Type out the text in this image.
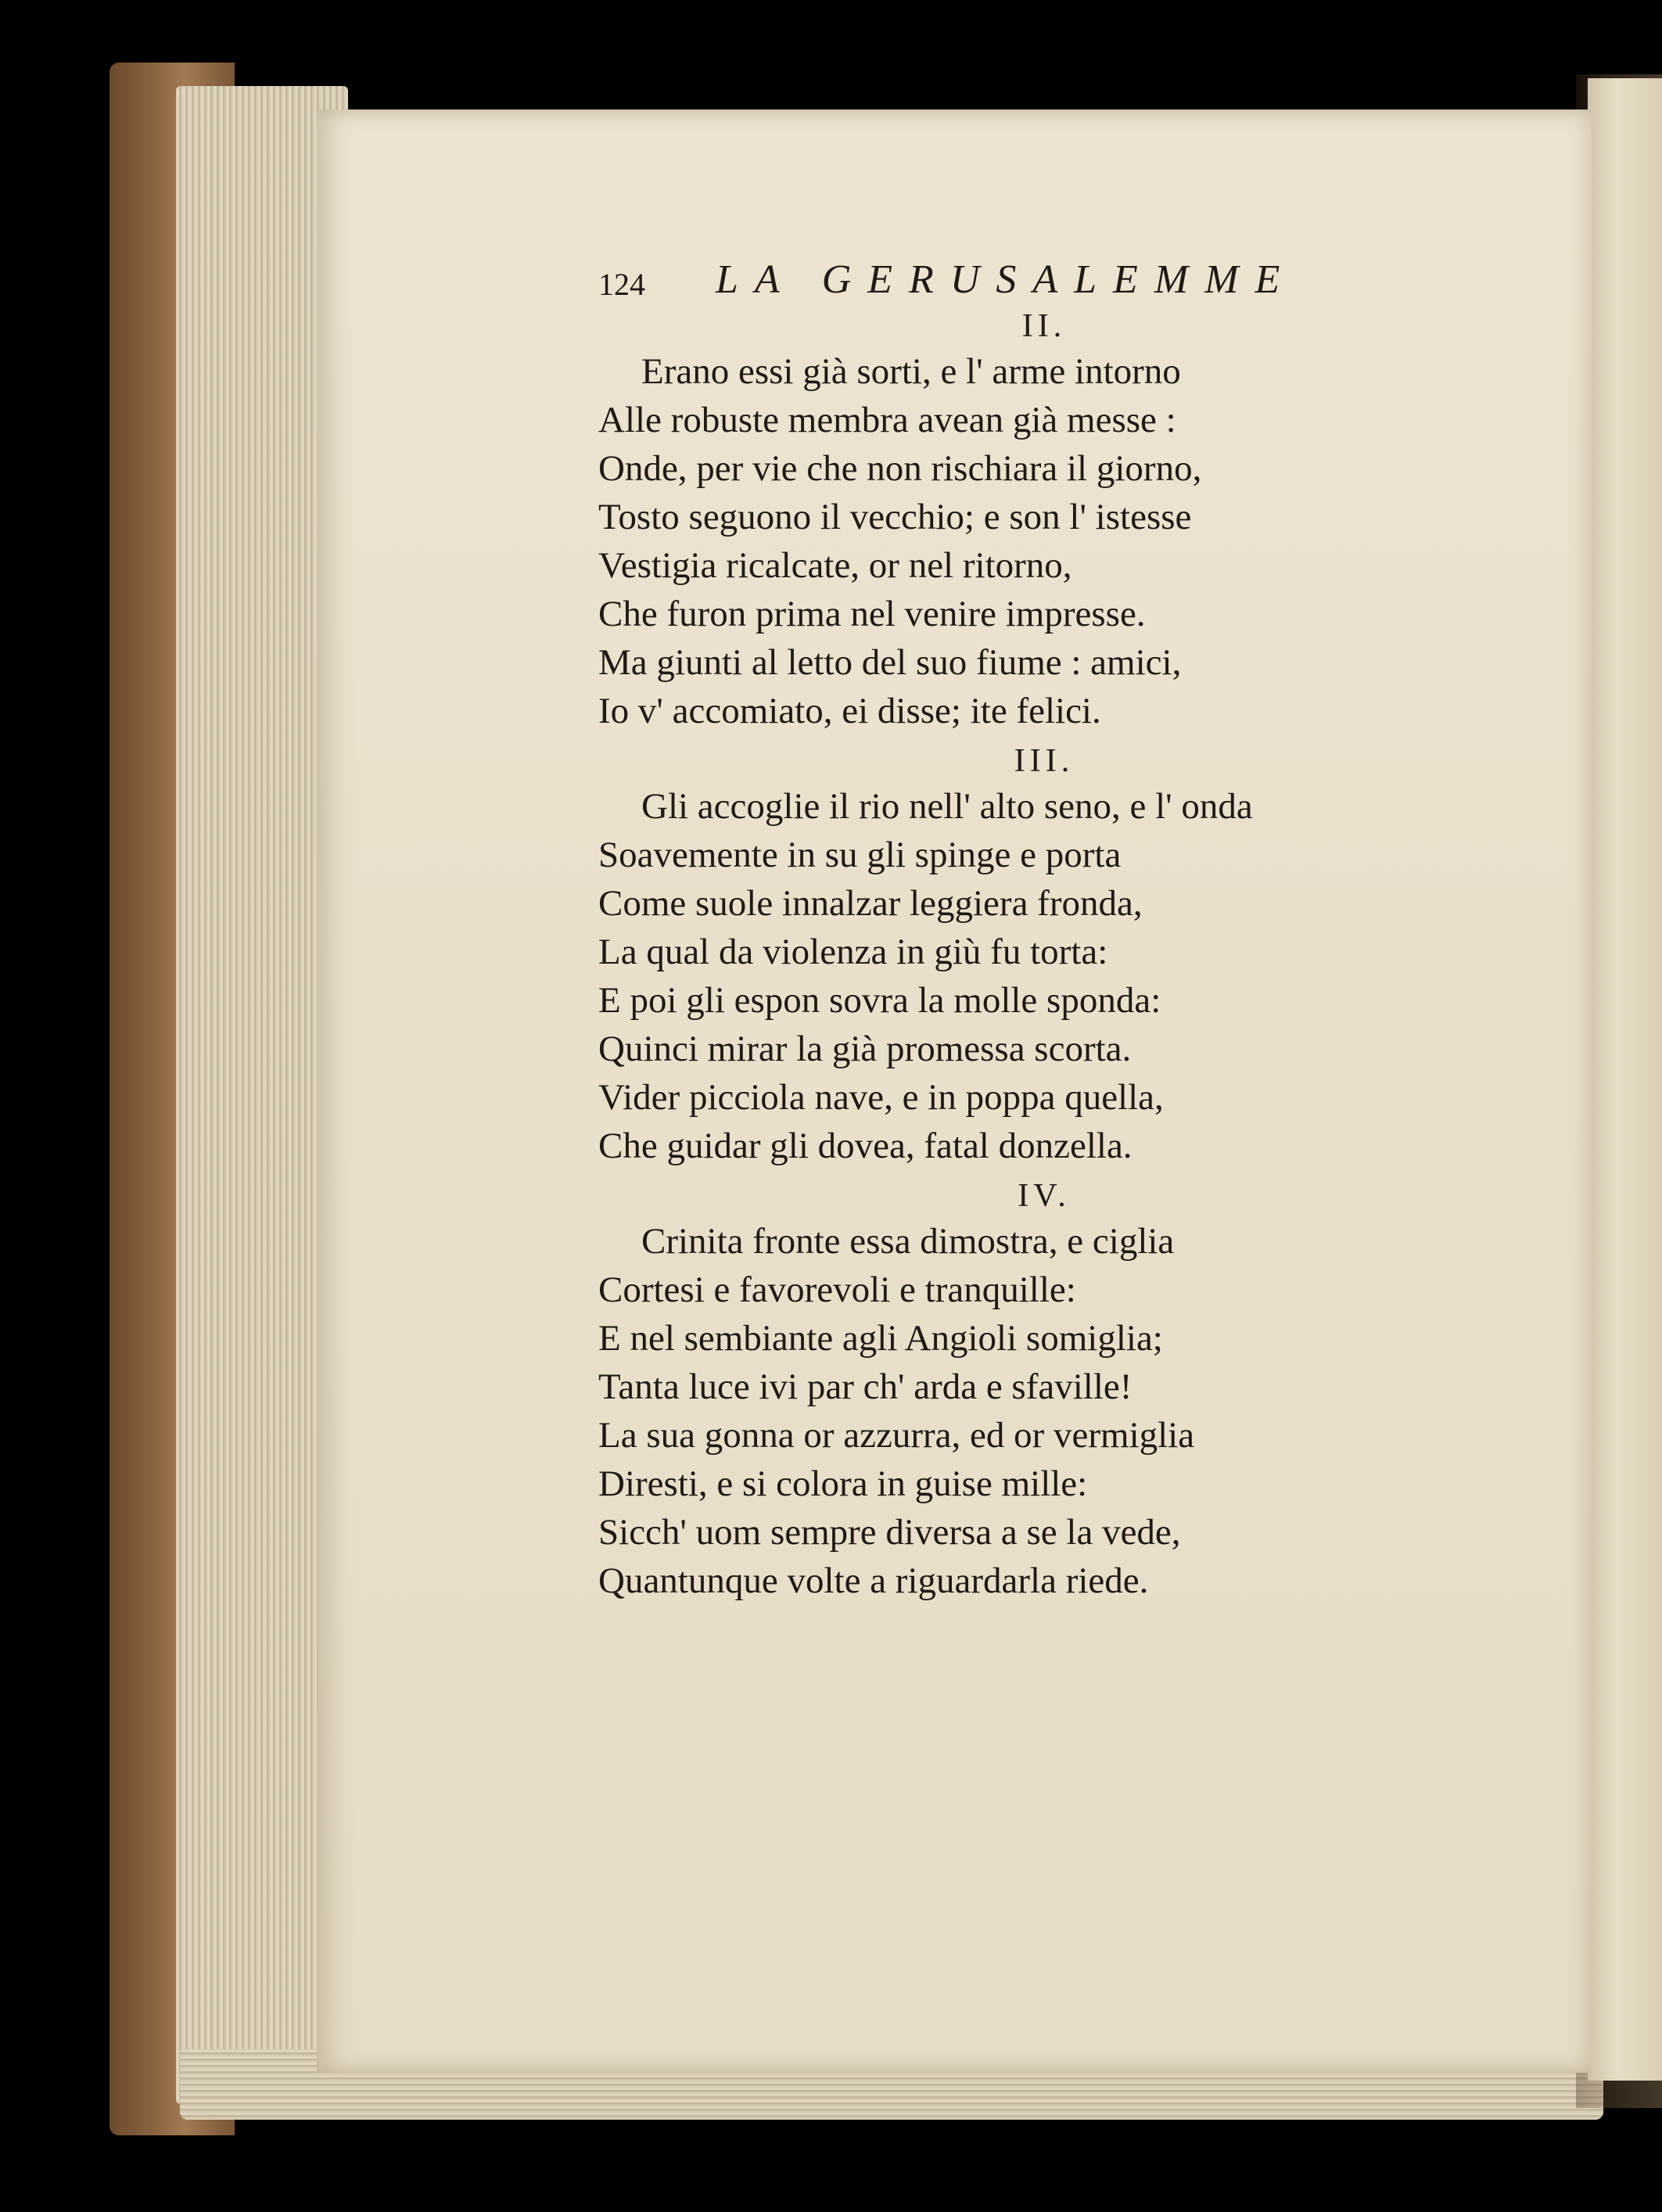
124 LA GERUSALEMME
II.
Erano essi già sorti, e l' arme intorno
Alle robuste membra avean già messe :
Onde, per vie che non rischiara il giorno,
Tosto seguono il vecchio; e son l' istesse
Vestigia ricalcate, or nel ritorno,
Che furon prima nel venire impresse.
Ma giunti al letto del suo fiume : amici,
Io v' accomiato, ei disse; ite felici.
III.
Gli accoglie il rio nell' alto seno, e l' onda
Soavemente in su gli spinge e porta
Come suole innalzar leggiera fronda,
La qual da violenza in giù fu torta:
E poi gli espon sovra la molle sponda:
Quinci mirar la già promessa scorta.
Vider picciola nave, e in poppa quella,
Che guidar gli dovea, fatal donzella.
IV.
Crinita fronte essa dimostra, e ciglia
Cortesi e favorevoli e tranquille:
E nel sembiante agli Angioli somiglia;
Tanta luce ivi par ch' arda e sfaville!
La sua gonna or azzurra, ed or vermiglia
Diresti, e si colora in guise mille:
Sicch' uom sempre diversa a se la vede,
Quantunque volte a riguardarla riede.
